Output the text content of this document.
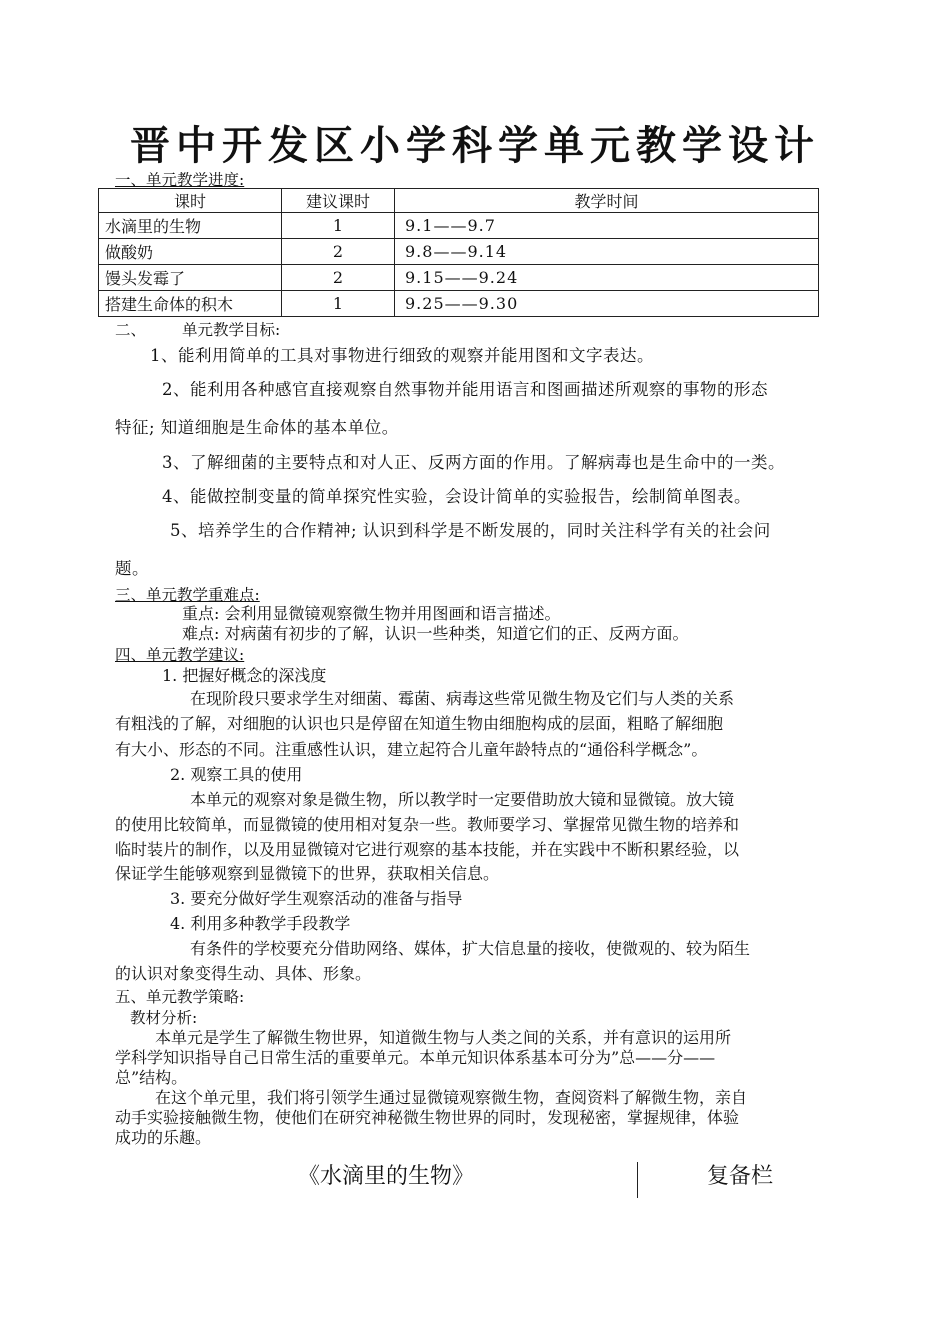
晋中开发区小学科学单元教学设计
一、单元教学进度:
课时	建议课时	教学时间
水滴里的生物	1	9.1——9.7
做酸奶	2	9.8——9.14
馒头发霉了	2	9.15——9.24
搭建生命体的积木	1	9.25——9.30
二、 单元教学目标:
1、能利用简单的工具对事物进行细致的观察并能用图和文字表达。
2、能利用各种感官直接观察自然事物并能用语言和图画描述所观察的事物的形态
特征; 知道细胞是生命体的基本单位。
3、了解细菌的主要特点和对人正、反两方面的作用。了解病毒也是生命中的一类。
4、能做控制变量的简单探究性实验，会设计简单的实验报告，绘制简单图表。
5、培养学生的合作精神; 认识到科学是不断发展的，同时关注科学有关的社会问
题。
三、单元教学重难点:
重点: 会利用显微镜观察微生物并用图画和语言描述。
难点: 对病菌有初步的了解，认识一些种类，知道它们的正、反两方面。
四、单元教学建议:
1. 把握好概念的深浅度
在现阶段只要求学生对细菌、霉菌、病毒这些常见微生物及它们与人类的关系
有粗浅的了解，对细胞的认识也只是停留在知道生物由细胞构成的层面，粗略了解细胞
有大小、形态的不同。注重感性认识，建立起符合儿童年龄特点的“通俗科学概念”。
2. 观察工具的使用
本单元的观察对象是微生物，所以教学时一定要借助放大镜和显微镜。放大镜
的使用比较简单，而显微镜的使用相对复杂一些。教师要学习、掌握常见微生物的培养和
临时装片的制作，以及用显微镜对它进行观察的基本技能，并在实践中不断积累经验，以
保证学生能够观察到显微镜下的世界，获取相关信息。
3. 要充分做好学生观察活动的准备与指导
4. 利用多种教学手段教学
有条件的学校要充分借助网络、媒体，扩大信息量的接收，使微观的、较为陌生
的认识对象变得生动、具体、形象。
五、单元教学策略:
教材分析:
本单元是学生了解微生物世界，知道微生物与人类之间的关系，并有意识的运用所
学科学知识指导自己日常生活的重要单元。本单元知识体系基本可分为”总——分——
总”结构。
在这个单元里，我们将引领学生通过显微镜观察微生物，查阅资料了解微生物，亲自
动手实验接触微生物，使他们在研究神秘微生物世界的同时，发现秘密，掌握规律，体验
成功的乐趣。
《水滴里的生物》	复备栏
